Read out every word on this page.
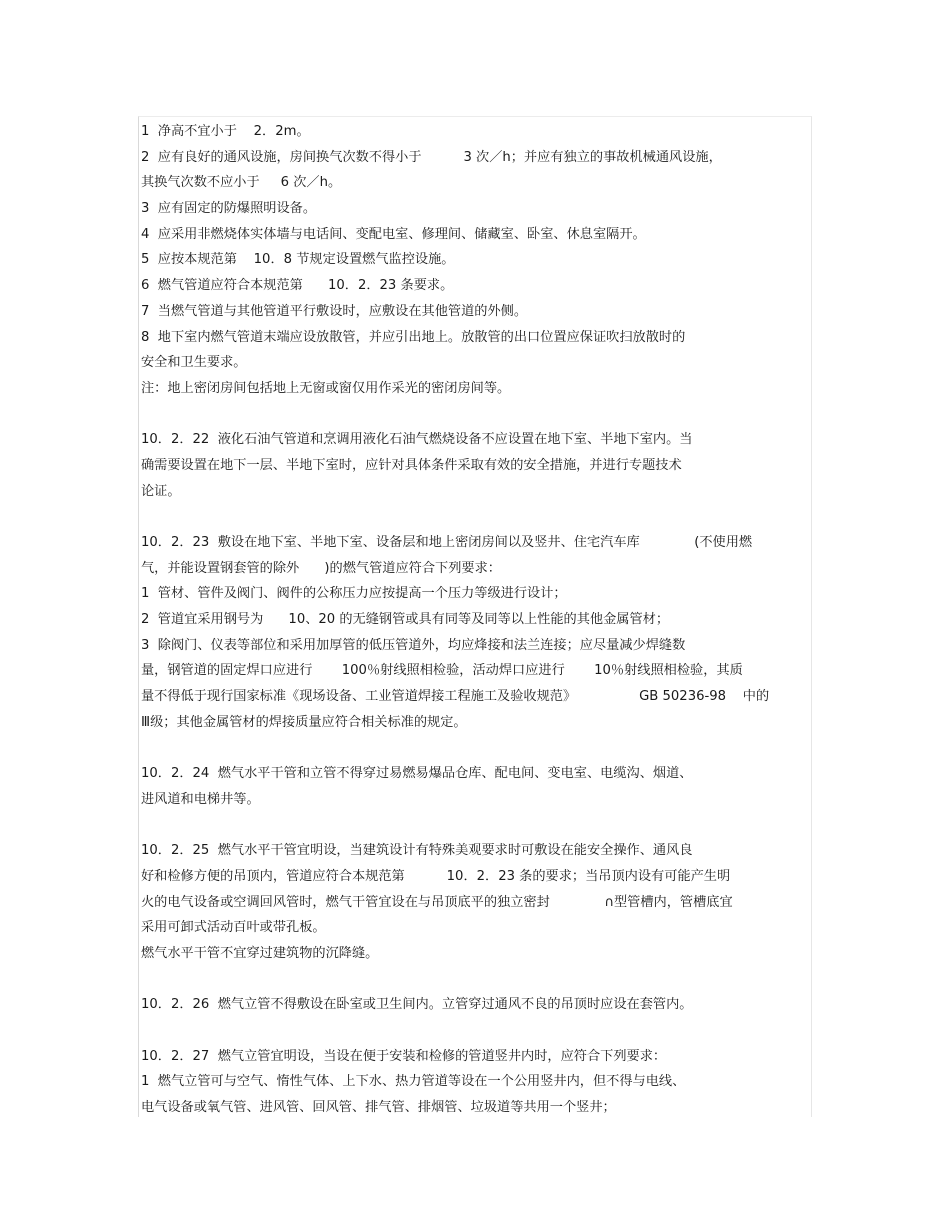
1  净高不宜小于    2．2m。
2  应有良好的通风设施，房间换气次数不得小于          3 次／h；并应有独立的事故机械通风设施，
其换气次数不应小于     6 次／h。
3  应有固定的防爆照明设备。
4  应采用非燃烧体实体墙与电话间、变配电室、修理间、储藏室、卧室、休息室隔开。
5  应按本规范第    10．8 节规定设置燃气监控设施。
6  燃气管道应符合本规范第      10．2．23 条要求。
7  当燃气管道与其他管道平行敷设时，应敷设在其他管道的外侧。
8  地下室内燃气管道末端应设放散管，并应引出地上。放散管的出口位置应保证吹扫放散时的
安全和卫生要求。
注：地上密闭房间包括地上无窗或窗仅用作采光的密闭房间等。
10．2．22  液化石油气管道和烹调用液化石油气燃烧设备不应设置在地下室、半地下室内。当
确需要设置在地下一层、半地下室时，应针对具体条件采取有效的安全措施，并进行专题技术
论证。
10．2．23  敷设在地下室、半地下室、设备层和地上密闭房间以及竖井、住宅汽车库             (不使用燃
气，并能设置钢套管的除外      )的燃气管道应符合下列要求：
1  管材、管件及阀门、阀件的公称压力应按提高一个压力等级进行设计；
2  管道宜采用钢号为      10、20 的无缝钢管或具有同等及同等以上性能的其他金属管材；
3  除阀门、仪表等部位和采用加厚管的低压管道外，均应烽接和法兰连接；应尽量减少焊缝数
量，钢管道的固定焊口应进行       100％射线照相检验，活动焊口应进行       10％射线照相检验，其质
量不得低于现行国家标准《现场设备、工业管道焊接工程施工及验收规范》               GB 50236-98    中的
Ⅲ级；其他金属管材的焊接质量应符合相关标准的规定。
10．2．24  燃气水平干管和立管不得穿过易燃易爆品仓库、配电间、变电室、电缆沟、烟道、
进风道和电梯井等。
10．2．25  燃气水平干管宜明设，当建筑设计有特殊美观要求时可敷设在能安全操作、通风良
好和检修方便的吊顶内，管道应符合本规范第          10．2．23 条的要求；当吊顶内设有可能产生明
火的电气设备或空调回风管时，燃气干管宜设在与吊顶底平的独立密封             ∩型管槽内，管槽底宜
采用可卸式活动百叶或带孔板。
燃气水平干管不宜穿过建筑物的沉降缝。
10．2．26  燃气立管不得敷设在卧室或卫生间内。立管穿过通风不良的吊顶时应设在套管内。
10．2．27  燃气立管宜明设，当设在便于安装和检修的管道竖井内时，应符合下列要求：
1  燃气立管可与空气、惰性气体、上下水、热力管道等设在一个公用竖井内，但不得与电线、
电气设备或氧气管、进风管、回风管、排气管、排烟管、垃圾道等共用一个竖井；
